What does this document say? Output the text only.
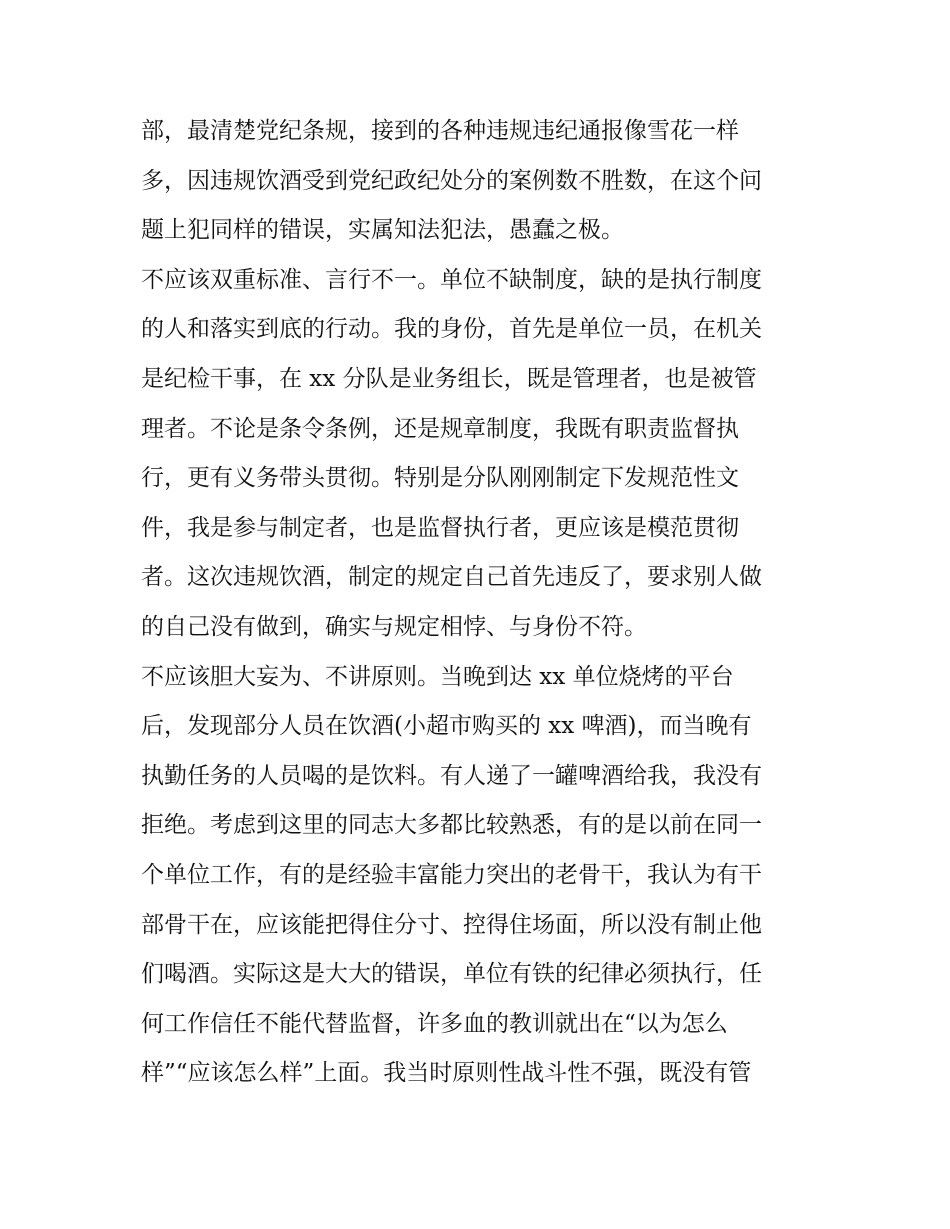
部，最清楚党纪条规，接到的各种违规违纪通报像雪花一样
多，因违规饮酒受到党纪政纪处分的案例数不胜数，在这个问
题上犯同样的错误，实属知法犯法，愚蠢之极。
不应该双重标准、言行不一。单位不缺制度，缺的是执行制度
的人和落实到底的行动。我的身份，首先是单位一员，在机关
是纪检干事，在 xx 分队是业务组长，既是管理者，也是被管
理者。不论是条令条例，还是规章制度，我既有职责监督执
行，更有义务带头贯彻。特别是分队刚刚制定下发规范性文
件，我是参与制定者，也是监督执行者，更应该是模范贯彻
者。这次违规饮酒，制定的规定自己首先违反了，要求别人做
的自己没有做到，确实与规定相悖、与身份不符。
不应该胆大妄为、不讲原则。当晚到达 xx 单位烧烤的平台
后，发现部分人员在饮酒(小超市购买的 xx 啤酒)，而当晚有
执勤任务的人员喝的是饮料。有人递了一罐啤酒给我，我没有
拒绝。考虑到这里的同志大多都比较熟悉，有的是以前在同一
个单位工作，有的是经验丰富能力突出的老骨干，我认为有干
部骨干在，应该能把得住分寸、控得住场面，所以没有制止他
们喝酒。实际这是大大的错误，单位有铁的纪律必须执行，任
何工作信任不能代替监督，许多血的教训就出在“以为怎么
样”“应该怎么样”上面。我当时原则性战斗性不强，既没有管
